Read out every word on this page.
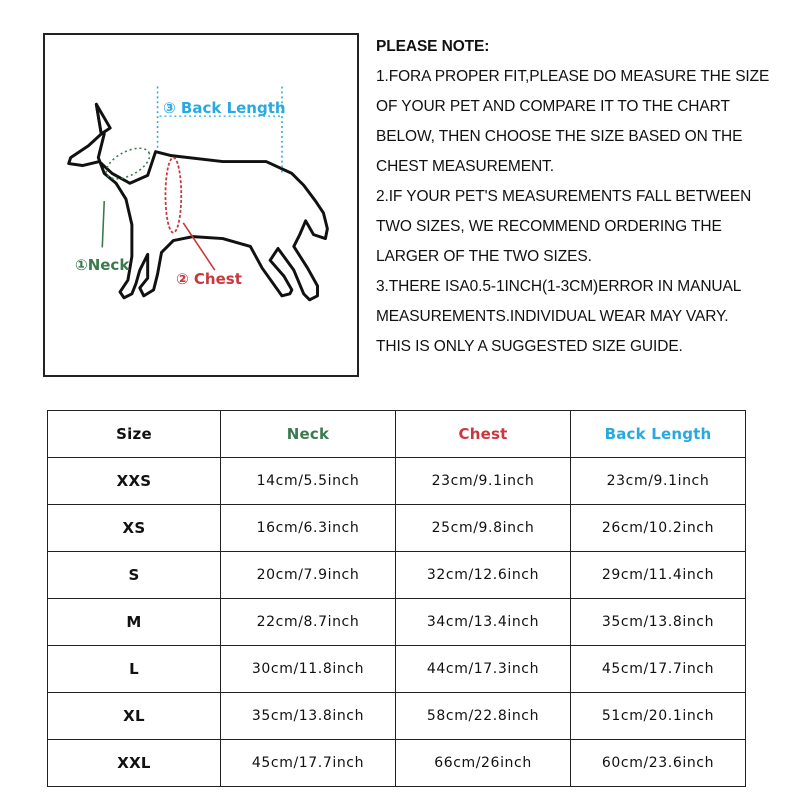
③ Back Length
①Neck
② Chest
PLEASE NOTE:
1.FORA PROPER FIT,PLEASE DO MEASURE THE SIZE
OF YOUR PET AND COMPARE IT TO THE CHART
BELOW, THEN CHOOSE THE SIZE BASED ON THE
CHEST MEASUREMENT.
2.IF YOUR PET'S MEASUREMENTS FALL BETWEEN
TWO SIZES, WE RECOMMEND ORDERING THE
LARGER OF THE TWO SIZES.
3.THERE ISA0.5-1INCH(1-3CM)ERROR IN MANUAL
MEASUREMENTS.INDIVIDUAL WEAR MAY VARY.
THIS IS ONLY A SUGGESTED SIZE GUIDE.
Size	Neck	Chest	Back Length
XXS	14cm/5.5inch	23cm/9.1inch	23cm/9.1inch
XS	16cm/6.3inch	25cm/9.8inch	26cm/10.2inch
S	20cm/7.9inch	32cm/12.6inch	29cm/11.4inch
M	22cm/8.7inch	34cm/13.4inch	35cm/13.8inch
L	30cm/11.8inch	44cm/17.3inch	45cm/17.7inch
XL	35cm/13.8inch	58cm/22.8inch	51cm/20.1inch
XXL	45cm/17.7inch	66cm/26inch	60cm/23.6inch
